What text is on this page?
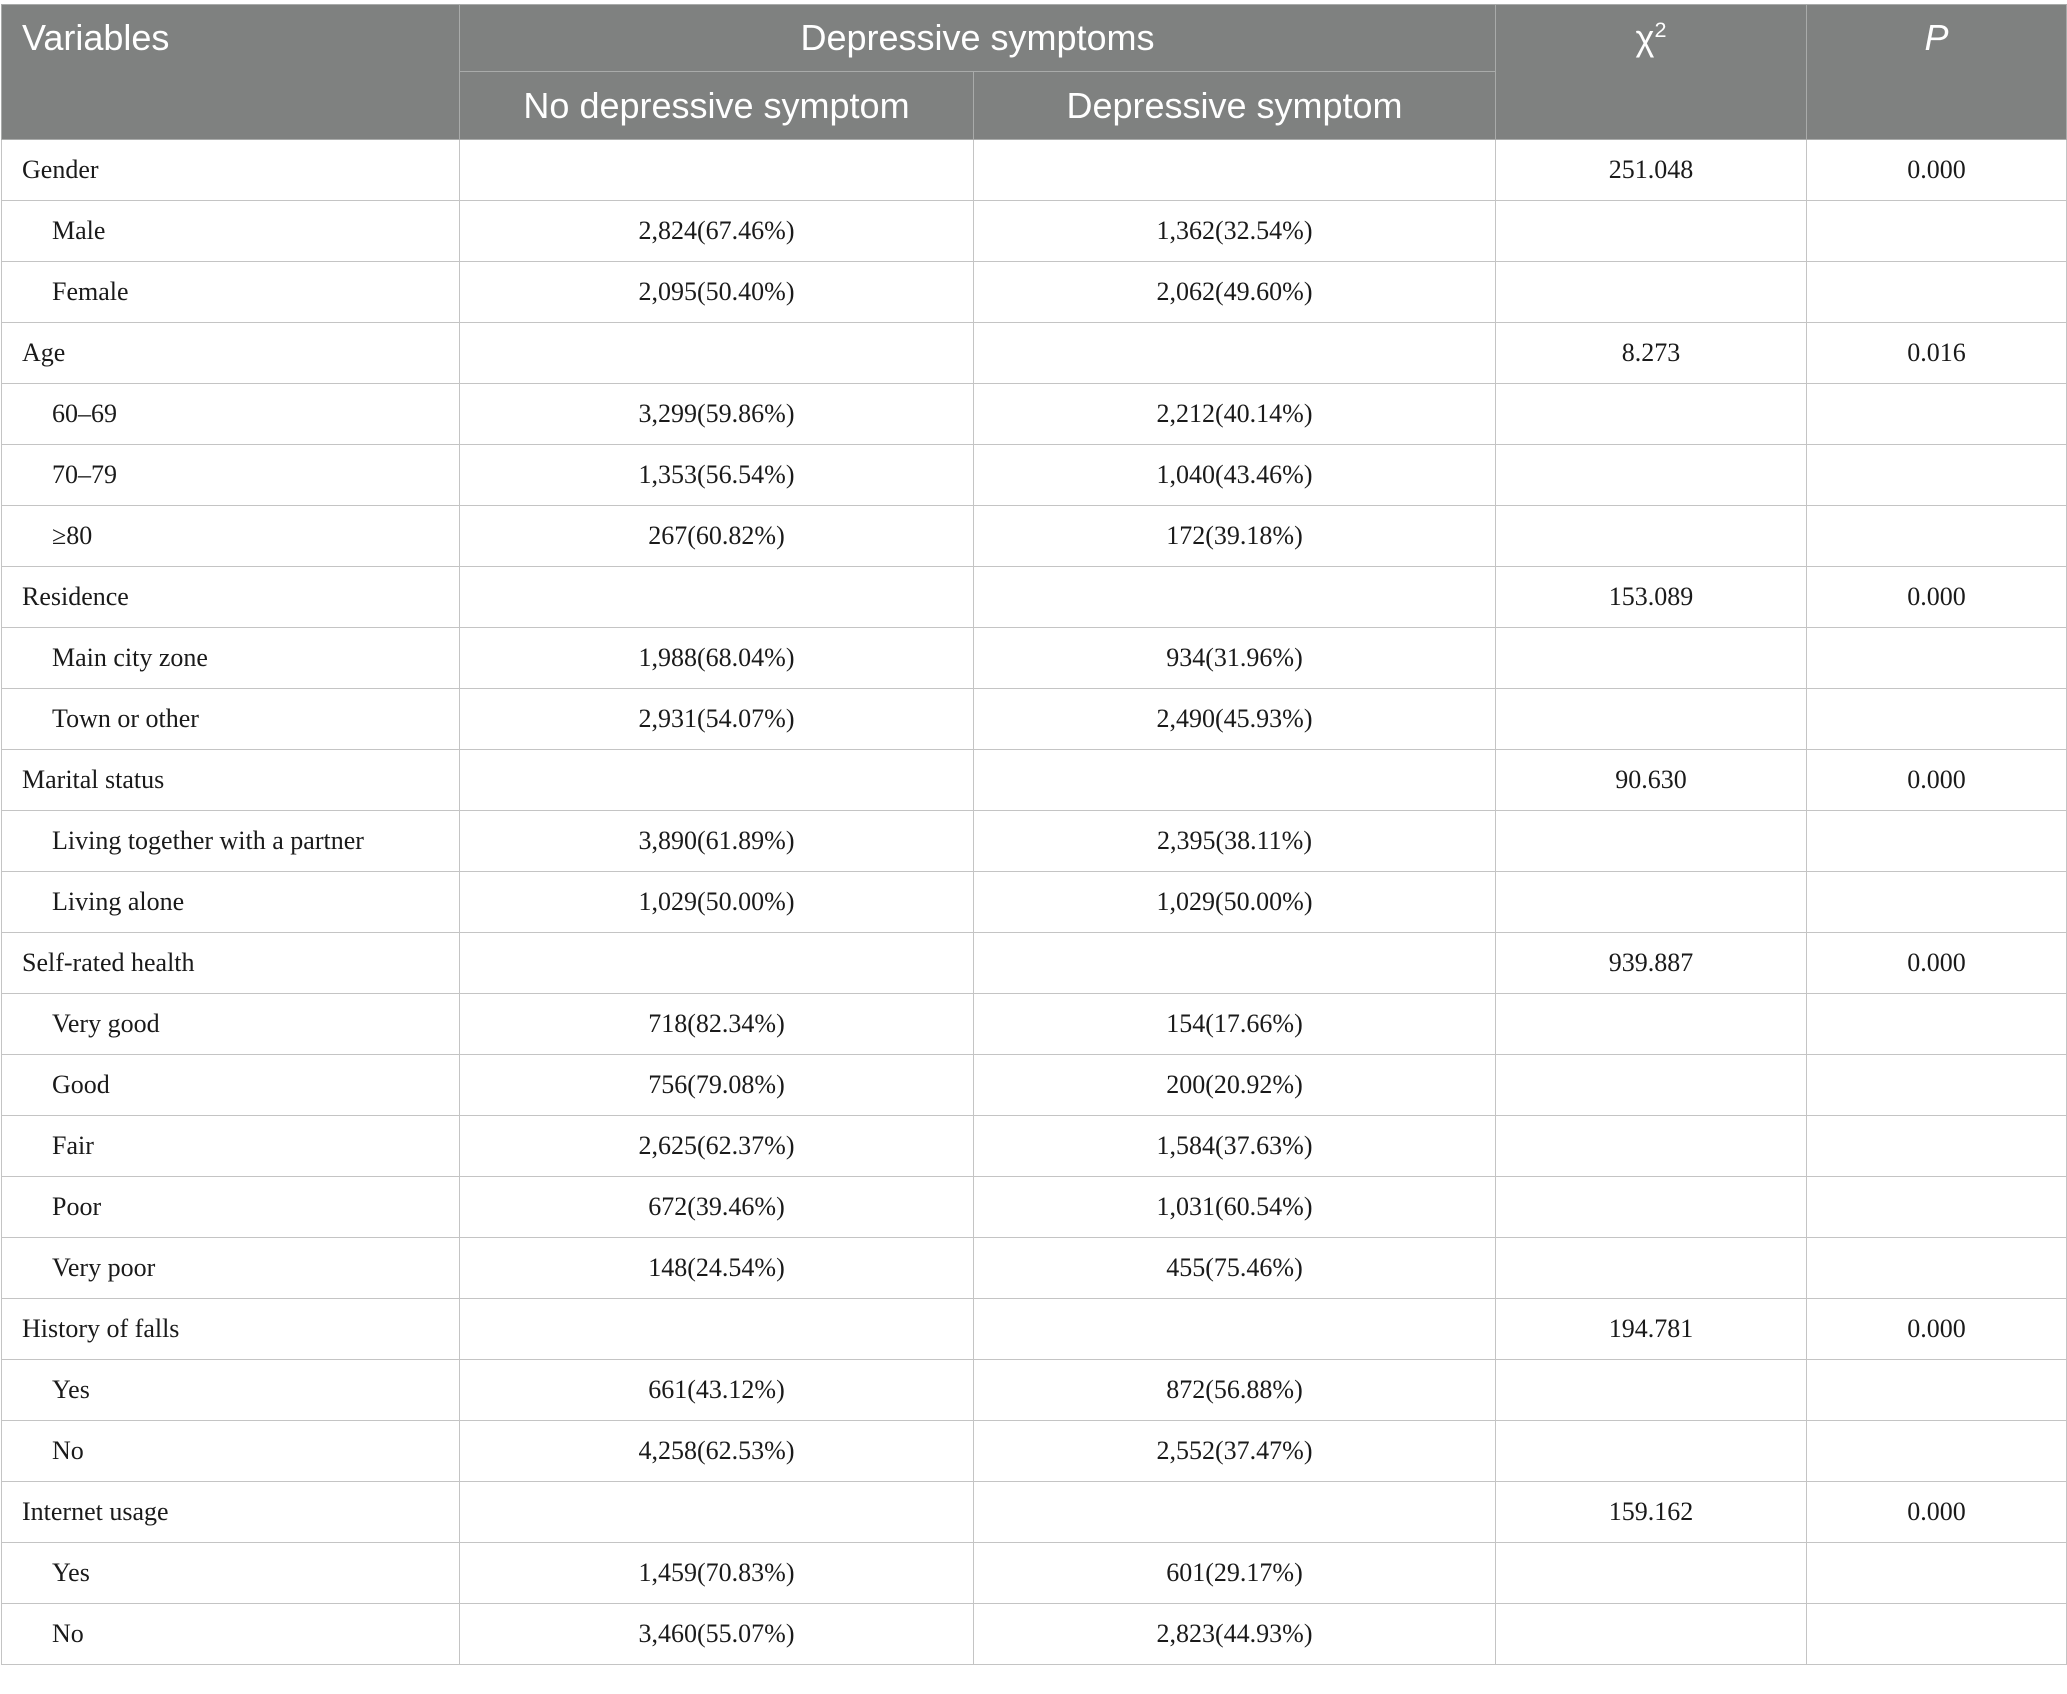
Variables	Depressive symptoms		$\chi^2$	P
	No depressive symptom	Depressive symptom		
Gender			251.048	0.000
Male	2,824(67.46%)	1,362(32.54%)		
Female	2,095(50.40%)	2,062(49.60%)		
Age			8.273	0.016
60–69	3,299(59.86%)	2,212(40.14%)		
70–79	1,353(56.54%)	1,040(43.46%)		
≥80	267(60.82%)	172(39.18%)		
Residence			153.089	0.000
Main city zone	1,988(68.04%)	934(31.96%)		
Town or other	2,931(54.07%)	2,490(45.93%)		
Marital status			90.630	0.000
Living together with a partner	3,890(61.89%)	2,395(38.11%)		
Living alone	1,029(50.00%)	1,029(50.00%)		
Self-rated health			939.887	0.000
Very good	718(82.34%)	154(17.66%)		
Good	756(79.08%)	200(20.92%)		
Fair	2,625(62.37%)	1,584(37.63%)		
Poor	672(39.46%)	1,031(60.54%)		
Very poor	148(24.54%)	455(75.46%)		
History of falls			194.781	0.000
Yes	661(43.12%)	872(56.88%)		
No	4,258(62.53%)	2,552(37.47%)		
Internet usage			159.162	0.000
Yes	1,459(70.83%)	601(29.17%)		
No	3,460(55.07%)	2,823(44.93%)		
